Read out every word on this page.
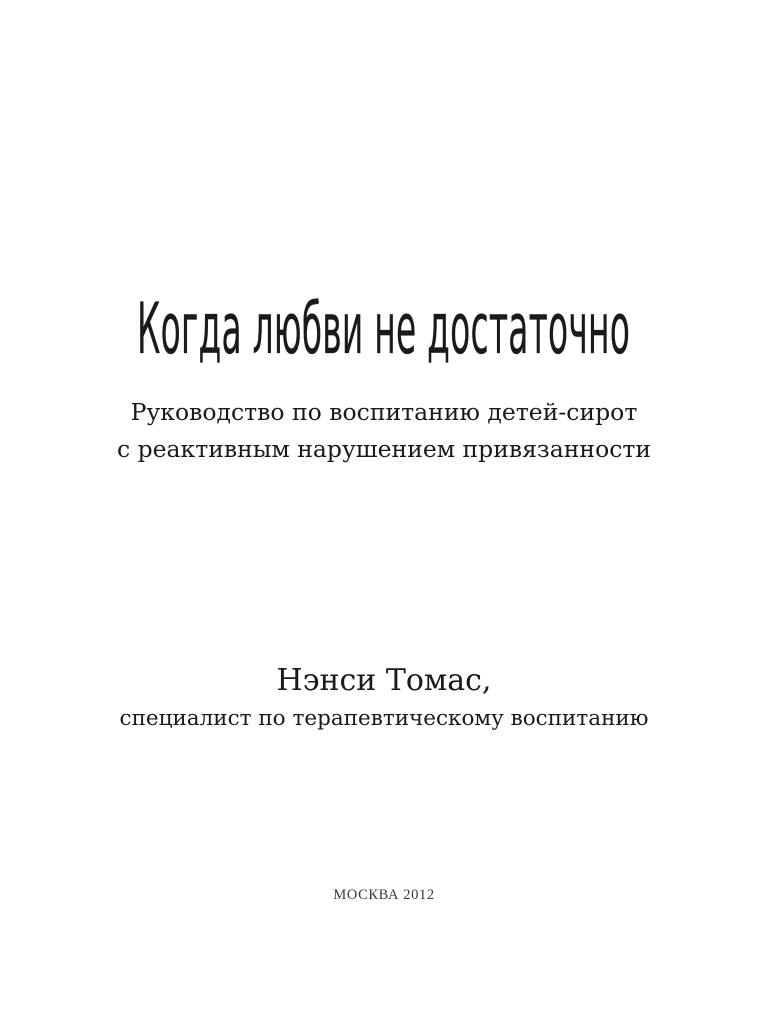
Когда любви не достаточно
Руководство по воспитанию детей-сирот
с реактивным нарушением привязанности
Нэнси Томас,
специалист по терапевтическому воспитанию
МОСКВА 2012
